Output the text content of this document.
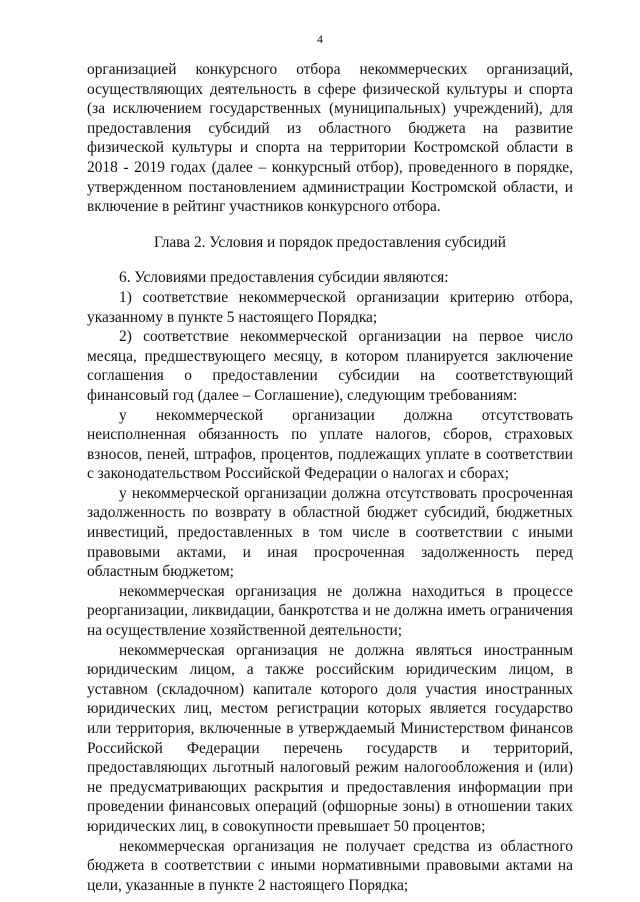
4

организацией конкурсного отбора некоммерческих организаций, осуществляющих деятельность в сфере физической культуры и спорта (за исключением государственных (муниципальных) учреждений), для предоставления субсидий из областного бюджета на развитие физической культуры и спорта на территории Костромской области в 2018 - 2019 годах (далее – конкурсный отбор), проведенного в порядке, утвержденном постановлением администрации Костромской области, и включение в рейтинг участников конкурсного отбора.

Глава 2. Условия и порядок предоставления субсидий

6. Условиями предоставления субсидии являются:

1) соответствие некоммерческой организации критерию отбора, указанному в пункте 5 настоящего Порядка;

2) соответствие некоммерческой организации на первое число месяца, предшествующего месяцу, в котором планируется заключение соглашения о предоставлении субсидии на соответствующий финансовый год (далее – Соглашение), следующим требованиям:

у некоммерческой организации должна отсутствовать неисполненная обязанность по уплате налогов, сборов, страховых взносов, пеней, штрафов, процентов, подлежащих уплате в соответствии с законодательством Российской Федерации о налогах и сборах;

у некоммерческой организации должна отсутствовать просроченная задолженность по возврату в областной бюджет субсидий, бюджетных инвестиций, предоставленных в том числе в соответствии с иными правовыми актами, и иная просроченная задолженность перед областным бюджетом;

некоммерческая организация не должна находиться в процессе реорганизации, ликвидации, банкротства и не должна иметь ограничения на осуществление хозяйственной деятельности;

некоммерческая организация не должна являться иностранным юридическим лицом, а также российским юридическим лицом, в уставном (складочном) капитале которого доля участия иностранных юридических лиц, местом регистрации которых является государство или территория, включенные в утверждаемый Министерством финансов Российской Федерации перечень государств и территорий, предоставляющих льготный налоговый режим налогообложения и (или) не предусматривающих раскрытия и предоставления информации при проведении финансовых операций (офшорные зоны) в отношении таких юридических лиц, в совокупности превышает 50 процентов;

некоммерческая организация не получает средства из областного бюджета в соответствии с иными нормативными правовыми актами на цели, указанные в пункте 2 настоящего Порядка;
